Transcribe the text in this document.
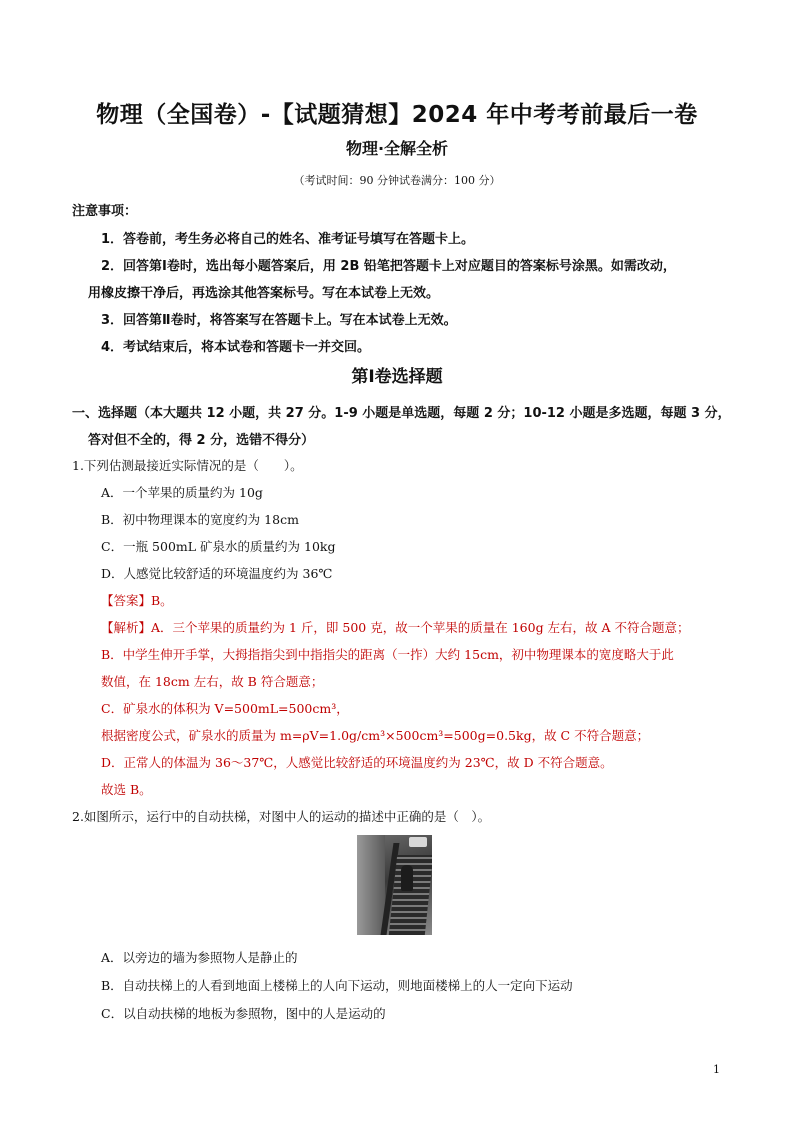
物理（全国卷）-【试题猜想】2024 年中考考前最后一卷
物理·全解全析
（考试时间：90 分钟试卷满分：100 分）
注意事项：
1．答卷前，考生务必将自己的姓名、准考证号填写在答题卡上。
2．回答第Ⅰ卷时，选出每小题答案后，用 2B 铅笔把答题卡上对应题目的答案标号涂黑。如需改动，
用橡皮擦干净后，再选涂其他答案标号。写在本试卷上无效。
3．回答第Ⅱ卷时，将答案写在答题卡上。写在本试卷上无效。
4．考试结束后，将本试卷和答题卡一并交回。
第Ⅰ卷选择题
一、选择题（本大题共 12 小题，共 27 分。1-9 小题是单选题，每题 2 分；10-12 小题是多选题，每题 3 分，
答对但不全的，得 2 分，选错不得分）
1.下列估测最接近实际情况的是（　　）。
A．一个苹果的质量约为 10g
B．初中物理课本的宽度约为 18cm
C．一瓶 500mL 矿泉水的质量约为 10kg
D．人感觉比较舒适的环境温度约为 36℃
【答案】B。
【解析】A．三个苹果的质量约为 1 斤，即 500 克，故一个苹果的质量在 160g 左右，故 A 不符合题意；
B．中学生伸开手掌，大拇指指尖到中指指尖的距离（一拃）大约 15cm，初中物理课本的宽度略大于此
数值，在 18cm 左右，故 B 符合题意；
C．矿泉水的体积为 V=500mL=500cm³，
根据密度公式，矿泉水的质量为 m=ρV=1.0g/cm³×500cm³=500g=0.5kg，故 C 不符合题意；
D．正常人的体温为 36～37℃，人感觉比较舒适的环境温度约为 23℃，故 D 不符合题意。
故选 B。
2.如图所示，运行中的自动扶梯，对图中人的运动的描述中正确的是（　）。
A．以旁边的墙为参照物人是静止的
B．自动扶梯上的人看到地面上楼梯上的人向下运动，则地面楼梯上的人一定向下运动
C．以自动扶梯的地板为参照物，图中的人是运动的
1
